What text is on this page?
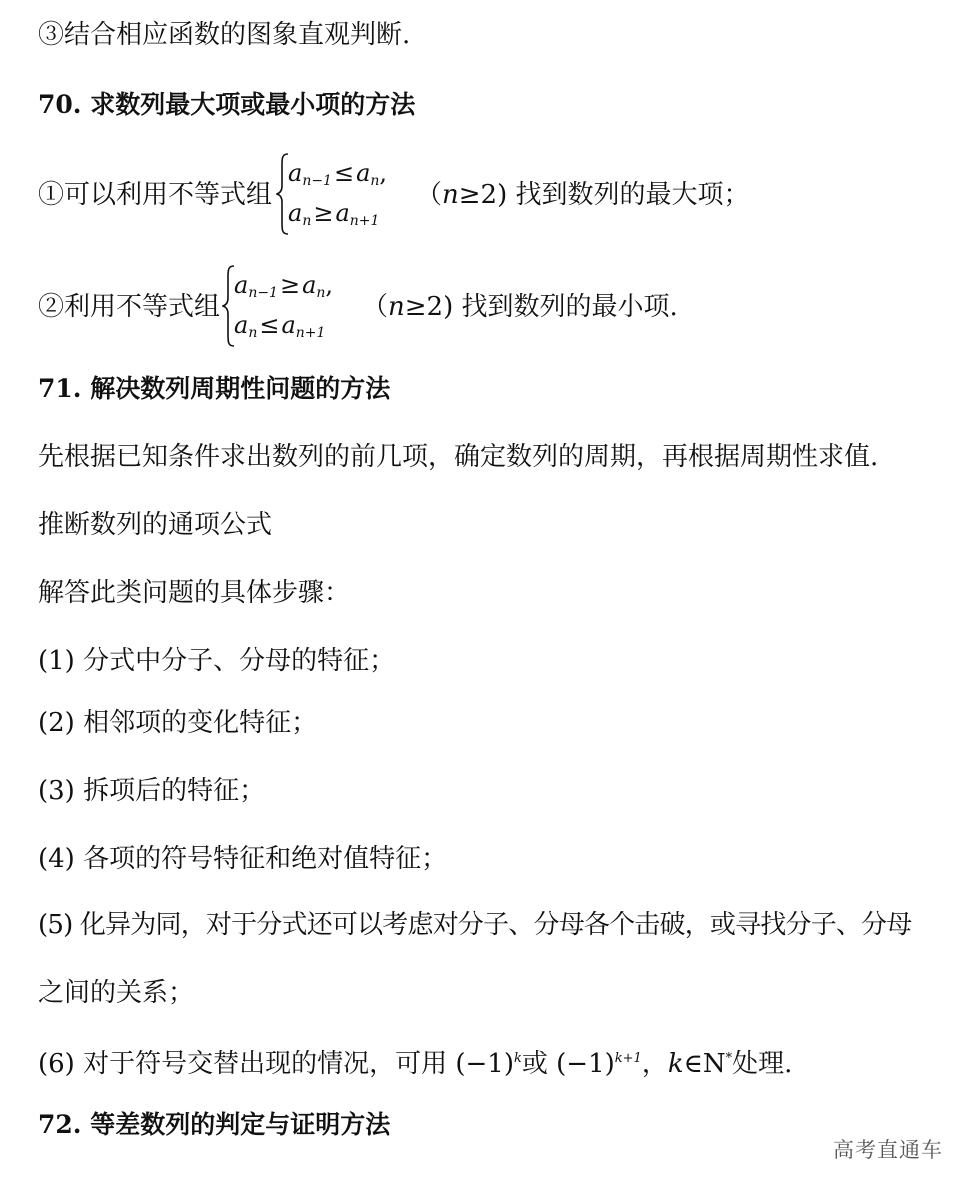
③结合相应函数的图象直观判断.
70. 求数列最大项或最小项的方法
①可以利用不等式组
$a_{n-1}\le a_n$,
$a_n\ge a_{n+1}$
（n≥2) 找到数列的最大项；
②利用不等式组
$a_{n-1}\ge a_n$,
$a_n\le a_{n+1}$
（n≥2) 找到数列的最小项.
71. 解决数列周期性问题的方法
先根据已知条件求出数列的前几项，确定数列的周期，再根据周期性求值.
推断数列的通项公式
解答此类问题的具体步骤：
(1) 分式中分子、分母的特征；
(2) 相邻项的变化特征；
(3) 拆项后的特征；
(4) 各项的符号特征和绝对值特征；
(5) 化异为同，对于分式还可以考虑对分子、分母各个击破，或寻找分子、分母
之间的关系；
(6) 对于符号交替出现的情况，可用 $(-1)^k$或 $(-1)^{k+1}$，k∈N*处理.
72. 等差数列的判定与证明方法
高考直通车
